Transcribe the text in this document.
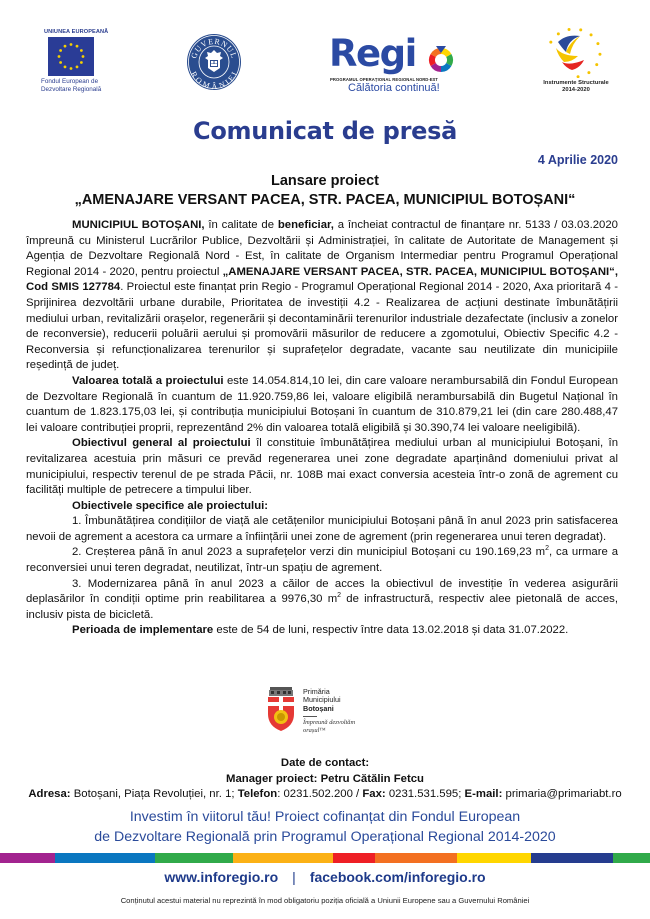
UNIUNEA EUROPEANĂ
Fondul European de
Dezvoltare Regională
GUVERNUL
ROMÂNIEI Regi
PROGRAMUL OPERAȚIONAL REGIONAL NORD-EST
Călătoria continuă!	Instrumente Structurale
2014-2020
Comunicat de presă
4 Aprilie 2020
Lansare proiect
„AMENAJARE VERSANT PACEA, STR. PACEA, MUNICIPIUL BOTOȘANI“

MUNICIPIUL BOTOȘANI, în calitate de beneficiar, a încheiat contractul de finanțare nr. 5133 / 03.03.2020 împreună cu Ministerul Lucrărilor Publice, Dezvoltării și Administrației, în calitate de Autoritate de Management și Agenția de Dezvoltare Regională Nord - Est, în calitate de Organism Intermediar pentru Programul Operațional Regional 2014 - 2020, pentru proiectul „AMENAJARE VERSANT PACEA, STR. PACEA, MUNICIPIUL BOTOȘANI“, Cod SMIS 127784. Proiectul este finanțat prin Regio - Programul Operațional Regional 2014 - 2020, Axa prioritară 4 - Sprijinirea dezvoltării urbane durabile, Prioritatea de investiții 4.2 - Realizarea de acțiuni destinate îmbunătățirii mediului urban, revitalizării orașelor, regenerării și decontaminării terenurilor industriale dezafectate (inclusiv a zonelor de reconversie), reducerii poluării aerului și promovării măsurilor de reducere a zgomotului, Obiectiv Specific 4.2 - Reconversia și refuncționalizarea terenurilor și suprafețelor degradate, vacante sau neutilizate din municipiile reședință de județ.

Valoarea totală a proiectului este 14.054.814,10 lei, din care valoare nerambursabilă din Fondul European de Dezvoltare Regională în cuantum de 11.920.759,86 lei, valoare eligibilă nerambursabilă din Bugetul Național în cuantum de 1.823.175,03 lei, și contribuția municipiului Botoșani în cuantum de 310.879,21 lei (din care 280.488,47 lei valoare contribuției proprii, reprezentând 2% din valoarea totală eligibilă și 30.390,74 lei valoare neeligibilă).

Obiectivul general al proiectului îl constituie îmbunătățirea mediului urban al municipiului Botoșani, în revitalizarea acestuia prin măsuri ce prevăd regenerarea unei zone degradate aparținând domeniului privat al municipiului, respectiv terenul de pe strada Păcii, nr. 108B mai exact conversia acesteia într-o zonă de agrement cu facilități multiple de petrecere a timpului liber.

Obiectivele specifice ale proiectului:

1. Îmbunătățirea condițiilor de viață ale cetățenilor municipiului Botoșani până în anul 2023 prin satisfacerea nevoii de agrement a acestora ca urmare a înființării unei zone de agrement (prin regenerarea unui teren degradat).

2. Creșterea până în anul 2023 a suprafețelor verzi din municipiul Botoșani cu 190.169,23 $m^2$, ca urmare a reconversiei unui teren degradat, neutilizat, într-un spațiu de agrement.

3. Modernizarea până în anul 2023 a căilor de acces la obiectivul de investiție în vederea asigurării deplasărilor în condiții optime prin reabilitarea a 9976,30 $m^2$ de infrastructură, respectiv alee pietonală de acces, inclusiv pista de bicicletă.

Perioada de implementare este de 54 de luni, respectiv între data 13.02.2018 și data 31.07.2022.

Primăria
Municipiului
Botoșani
Împreună dezvoltăm
orașul™
Date de contact:
Manager proiect: Petru Cătălin Fetcu
Adresa: Botoșani, Piața Revoluției, nr. 1; Telefon: 0231.502.200 / Fax: 0231.531.595; E-mail: primaria@primariabt.ro
Investim în viitorul tău! Proiect cofinanțat din Fondul European
de Dezvoltare Regională prin Programul Operațional Regional 2014-2020
www.inforegio.ro | facebook.com/inforegio.ro
Conținutul acestui material nu reprezintă în mod obligatoriu poziția oficială a Uniunii Europene sau a Guvernului României
